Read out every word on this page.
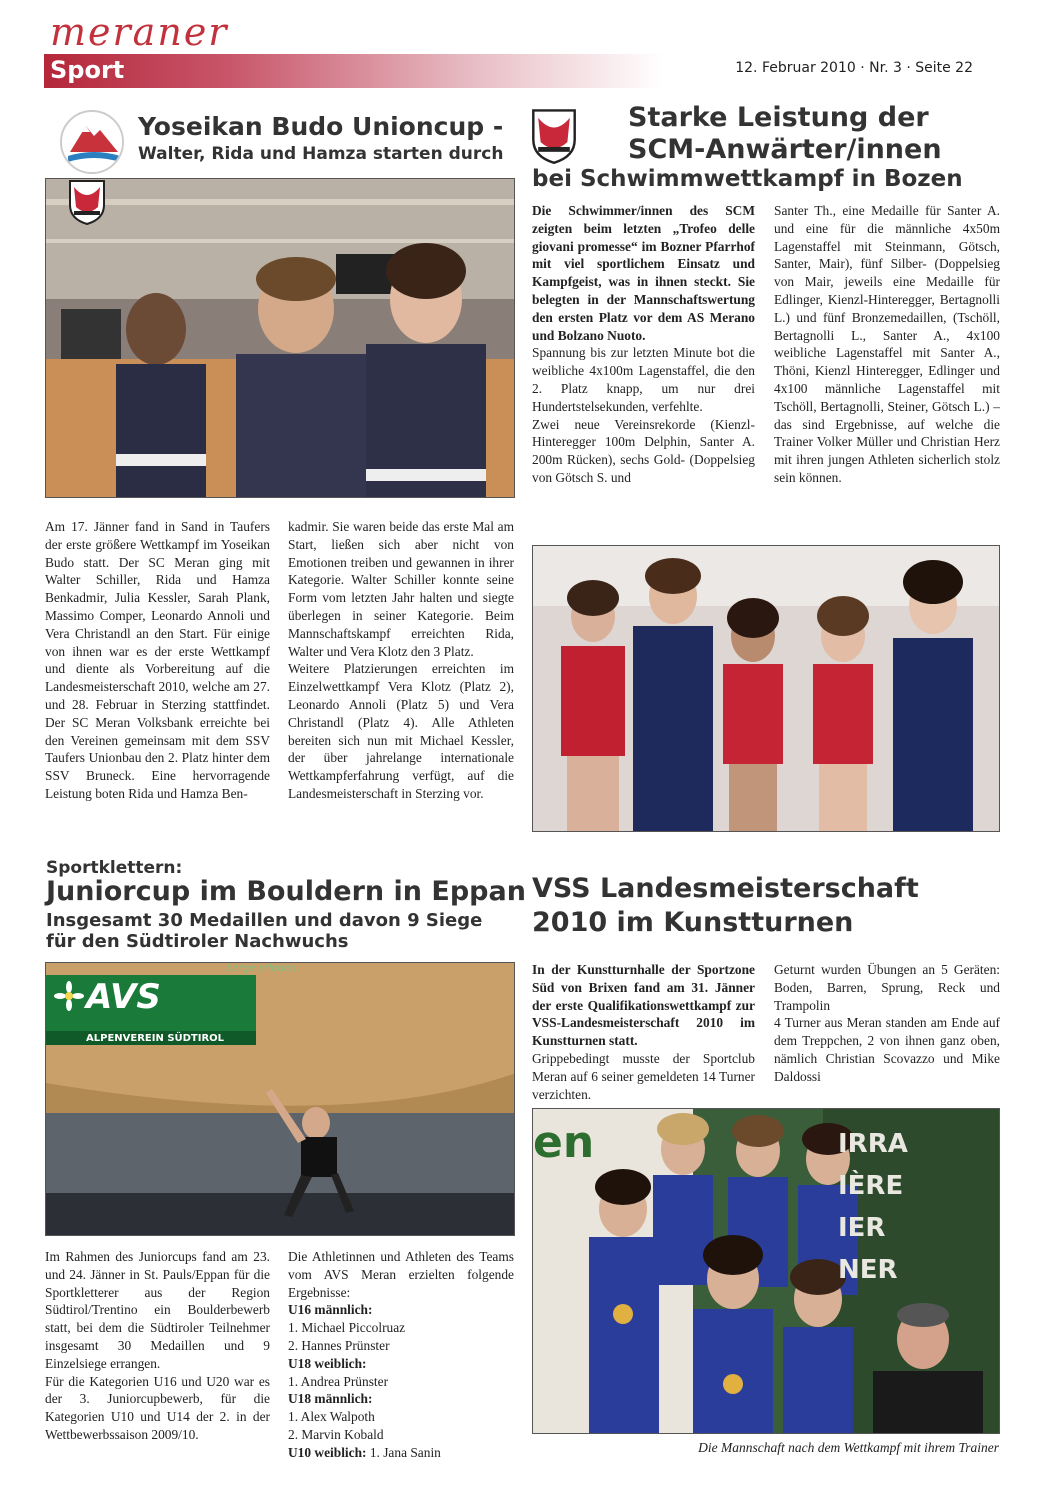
meraner
Sport	12. Februar 2010 · Nr. 3 · Seite 22
Yoseikan Budo Unioncup -
Walter, Rida und Hamza starten durch

Am 17. Jänner fand in Sand in Taufers der erste größere Wettkampf im Yoseikan Budo statt. Der SC Meran ging mit Walter Schiller, Rida und Hamza Benkadmir, Julia Kessler, Sarah Plank, Massimo Comper, Leonardo Annoli und Vera Christandl an den Start. Für einige von ihnen war es der erste Wettkampf und diente als Vorbereitung auf die Landesmeisterschaft 2010, welche am 27. und 28. Februar in Sterzing stattfindet. Der SC Meran Volksbank erreichte bei den Vereinen gemeinsam mit dem SSV Taufers Unionbau den 2. Platz hinter dem SSV Bruneck. Eine hervorragende Leistung boten Rida und Hamza Ben-

kadmir. Sie waren beide das erste Mal am Start, ließen sich aber nicht von Emotionen treiben und gewannen in ihrer Kategorie. Walter Schiller konnte seine Form vom letzten Jahr halten und siegte überlegen in seiner Kategorie. Beim Mannschaftskampf erreichten Rida, Walter und Vera Klotz den 3 Platz.

Weitere Platzierungen erreichten im Einzelwettkampf Vera Klotz (Platz 2), Leonardo Annoli (Platz 5) und Vera Christandl (Platz 4). Alle Athleten bereiten sich nun mit Michael Kessler, der über jahrelange internationale Wettkampferfahrung verfügt, auf die Landesmeisterschaft in Sterzing vor.

Starke Leistung der SCM-Anwärter/innen
bei Schwimmwettkampf in Bozen

Die Schwimmer/innen des SCM zeigten beim letzten „Trofeo delle giovani promesse“ im Bozner Pfarrhof mit viel sportlichem Einsatz und Kampfgeist, was in ihnen steckt. Sie belegten in der Mannschaftswertung den ersten Platz vor dem AS Merano und Bolzano Nuoto.

Spannung bis zur letzten Minute bot die weibliche 4x100m Lagenstaffel, die den 2. Platz knapp, um nur drei Hundertstelsekunden, verfehlte.

Zwei neue Vereinsrekorde (Kienzl-Hinteregger 100m Delphin, Santer A. 200m Rücken), sechs Gold- (Doppelsieg von Götsch S. und

Santer Th., eine Medaille für Santer A. und eine für die männliche 4x50m Lagenstaffel mit Steinmann, Götsch, Santer, Mair), fünf Silber- (Doppelsieg von Mair, jeweils eine Medaille für Edlinger, Kienzl-Hinteregger, Bertagnolli L.) und fünf Bronzemedaillen, (Tschöll, Bertagnolli L., Santer A., 4x100 weibliche Lagenstaffel mit Santer A., Thöni, Kienzl Hinteregger, Edlinger und 4x100 männliche Lagenstaffel mit Tschöll, Bertagnolli, Steiner, Götsch L.) – das sind Ergebnisse, auf welche die Trainer Volker Müller und Christian Herz mit ihren jungen Athleten sicherlich stolz sein können.

Sportklettern:
Juniorcup im Bouldern in Eppan
Insgesamt 30 Medaillen und davon 9 Siege für den Südtiroler Nachwuchs
AVS
ALPENVEREIN SÜDTIROL
berge erleben

Im Rahmen des Juniorcups fand am 23. und 24. Jänner in St. Pauls/Eppan für die Sportkletterer aus der Region Südtirol/Trentino ein Boulderbewerb statt, bei dem die Südtiroler Teilnehmer insgesamt 30 Medaillen und 9 Einzelsiege errangen.

Für die Kategorien U16 und U20 war es der 3. Juniorcupbewerb, für die Kategorien U10 und U14 der 2. in der Wettbewerbssaison 2009/10.

Die Athletinnen und Athleten des Teams vom AVS Meran erzielten folgende Ergebnisse:

U16 männlich:

1. Michael Piccolruaz

2. Hannes Prünster

U18 weiblich:

1. Andrea Prünster

U18 männlich:

1. Alex Walpoth

2. Marvin Kobald

U10 weiblich: 1. Jana Sanin

VSS Landesmeisterschaft 2010 im Kunstturnen

In der Kunstturnhalle der Sportzone Süd von Brixen fand am 31. Jänner der erste Qualifikationswettkampf zur VSS-Landesmeisterschaft 2010 im Kunstturnen statt.

Grippebedingt musste der Sportclub Meran auf 6 seiner gemeldeten 14 Turner verzichten.

Geturnt wurden Übungen an 5 Geräten: Boden, Barren, Sprung, Reck und Trampolin

4 Turner aus Meran standen am Ende auf dem Treppchen, 2 von ihnen ganz oben, nämlich Christian Scovazzo und Mike Daldossi

en	IRRA
IÈRE
IER
NER
Die Mannschaft nach dem Wettkampf mit ihrem Trainer
